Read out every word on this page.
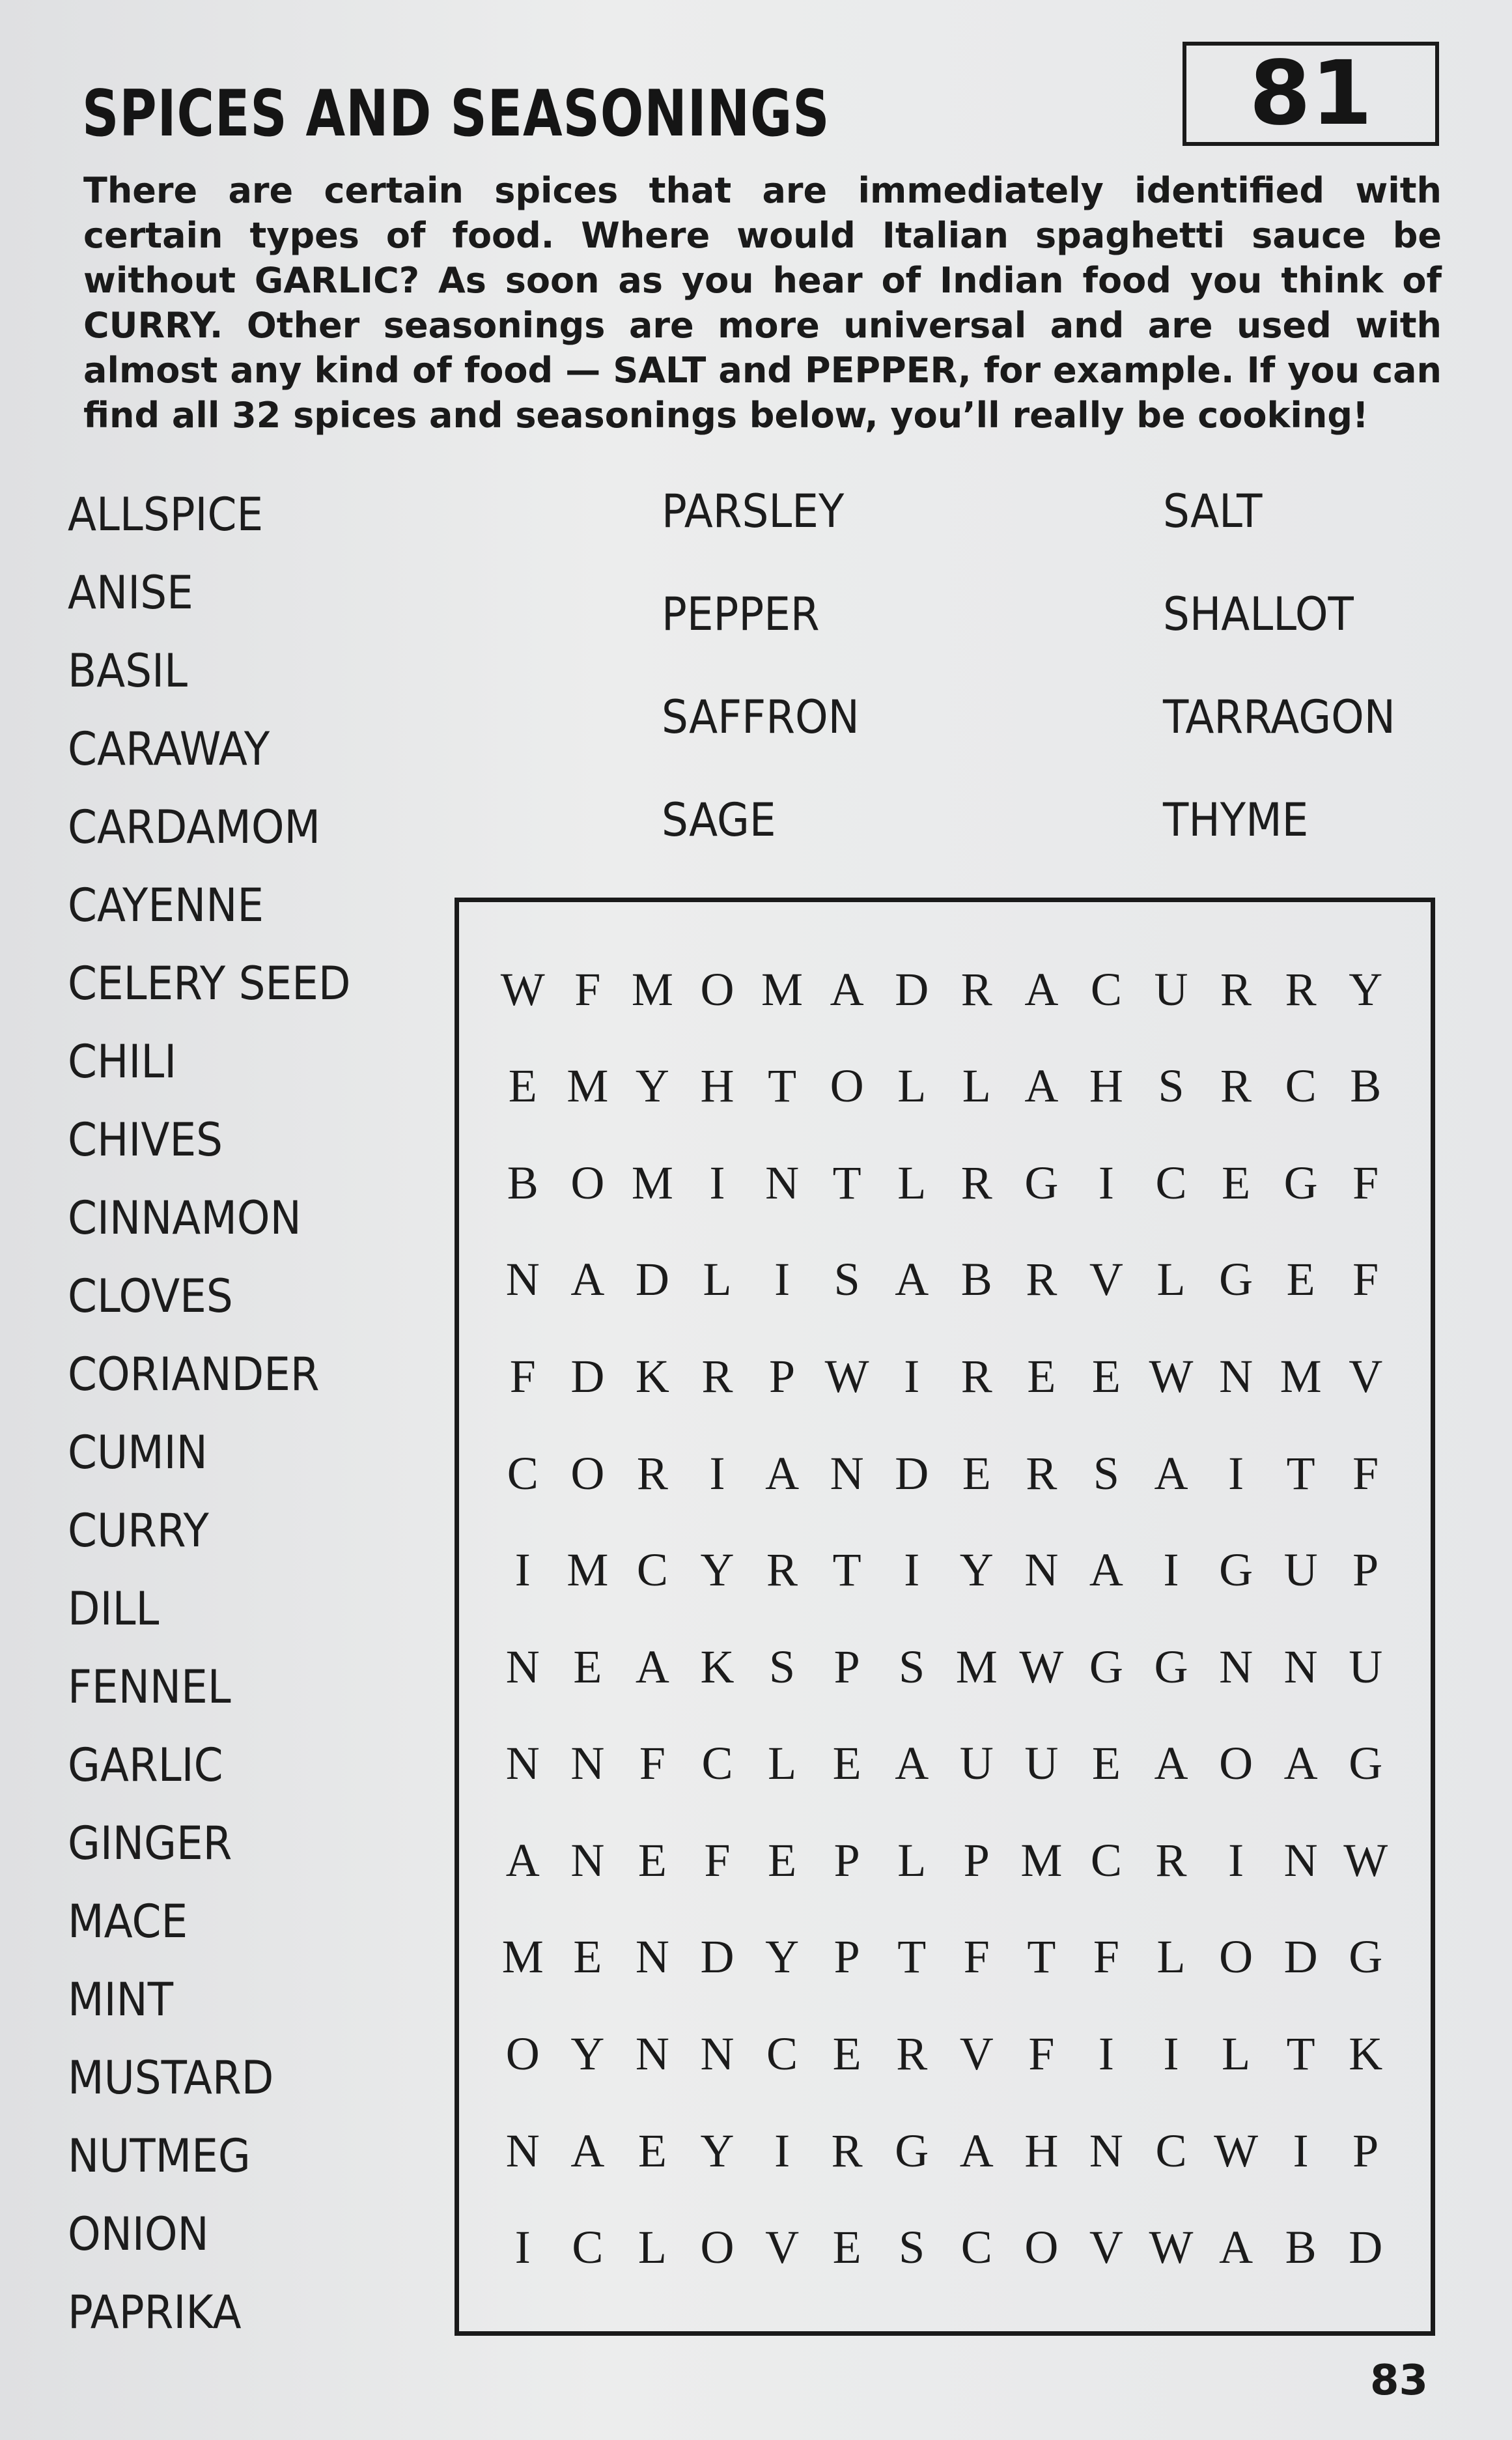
SPICES AND SEASONINGS	81
There are certain spices that are immediately identified with certain types of food. Where would Italian spaghetti sauce be without GARLIC? As soon as you hear of Indian food you think of CURRY. Other seasonings are more universal and are used with almost any kind of food — SALT and PEPPER, for example. If you can find all 32 spices and seasonings below, you’ll really be cooking!
ALLSPICE
ANISE
BASIL
CARAWAY
CARDAMOM
CAYENNE
CELERY SEED
CHILI
CHIVES
CINNAMON
CLOVES
CORIANDER
CUMIN
CURRY
DILL
FENNEL
GARLIC
GINGER
MACE
MINT
MUSTARD
NUTMEG
ONION
PAPRIKA
PARSLEY
PEPPER
SAFFRON
SAGE
SALT
SHALLOT
TARRAGON
THYME
W F M O M A D R A C U R R Y
E M Y H T O L L A H S R C B
B O M I N T L R G I C E G F
N A D L I S A B R V L G E F
F D K R P W I R E E W N M V
C O R I A N D E R S A I T F
I M C Y R T I Y N A I G U P
N E A K S P S M W G G N N U
N N F C L E A U U E A O A G
A N E F E P L P M C R I N W
M E N D Y P T F T F L O D G
O Y N N C E R V F I	I L T K
N A E Y I R G A H N C W I P
I C L O V E S C O V W A B D
83
